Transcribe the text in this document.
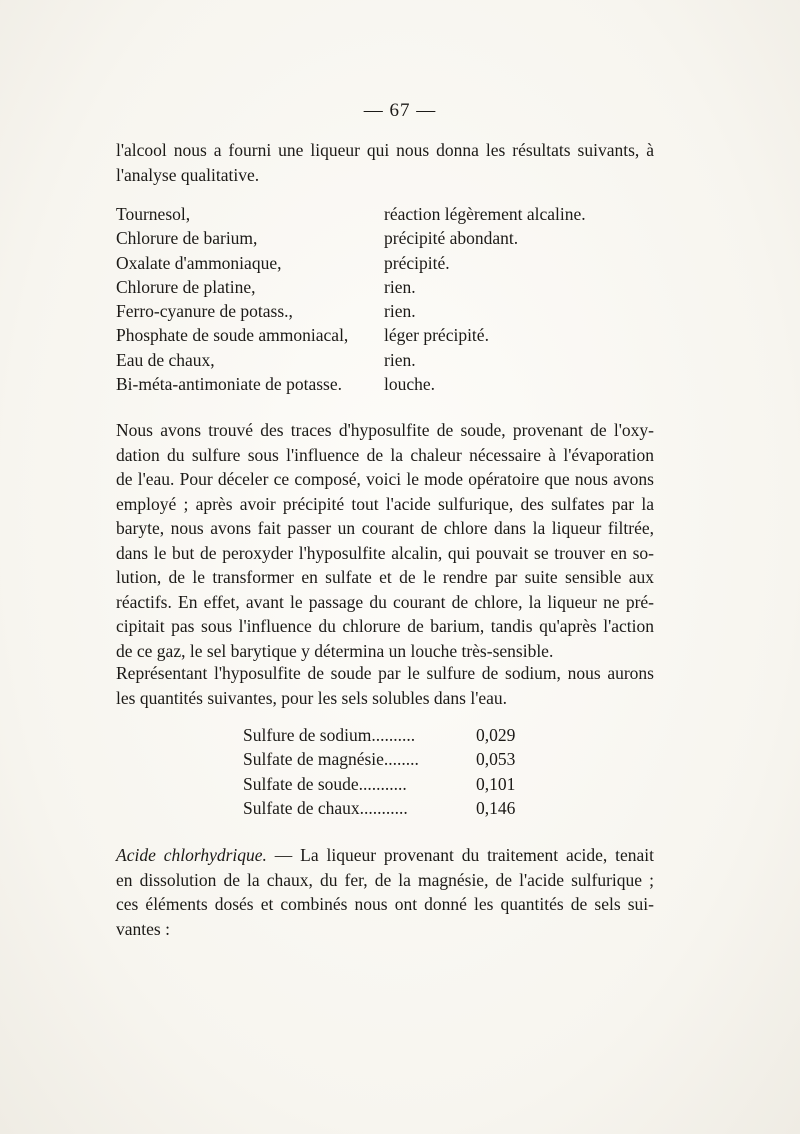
— 67 —
l'alcool nous a fourni une liqueur qui nous donna les résultats suivants, à
l'analyse qualitative.
Tournesol,	réaction légèrement alcaline.
Chlorure de barium,	précipité abondant.
Oxalate d'ammoniaque,	précipité.
Chlorure de platine,	rien.
Ferro-cyanure de potass.,	rien.
Phosphate de soude ammoniacal,	léger précipité.
Eau de chaux,	rien.
Bi-méta-antimoniate de potasse.	louche.
Nous avons trouvé des traces d'hyposulfite de soude, provenant de l'oxy-
dation du sulfure sous l'influence de la chaleur nécessaire à l'évaporation
de l'eau. Pour déceler ce composé, voici le mode opératoire que nous avons
employé ; après avoir précipité tout l'acide sulfurique, des sulfates par la
baryte, nous avons fait passer un courant de chlore dans la liqueur filtrée,
dans le but de peroxyder l'hyposulfite alcalin, qui pouvait se trouver en so-
lution, de le transformer en sulfate et de le rendre par suite sensible aux
réactifs. En effet, avant le passage du courant de chlore, la liqueur ne pré-
cipitait pas sous l'influence du chlorure de barium, tandis qu'après l'action
de ce gaz, le sel barytique y détermina un louche très-sensible.
Représentant l'hyposulfite de soude par le sulfure de sodium, nous aurons
les quantités suivantes, pour les sels solubles dans l'eau.
Sulfure de sodium..........	0,029
Sulfate de magnésie........	0,053
Sulfate de soude...........	0,101
Sulfate de chaux...........	0,146
Acide chlorhydrique. — La liqueur provenant du traitement acide, tenait
en dissolution de la chaux, du fer, de la magnésie, de l'acide sulfurique ;
ces éléments dosés et combinés nous ont donné les quantités de sels sui-
vantes :
